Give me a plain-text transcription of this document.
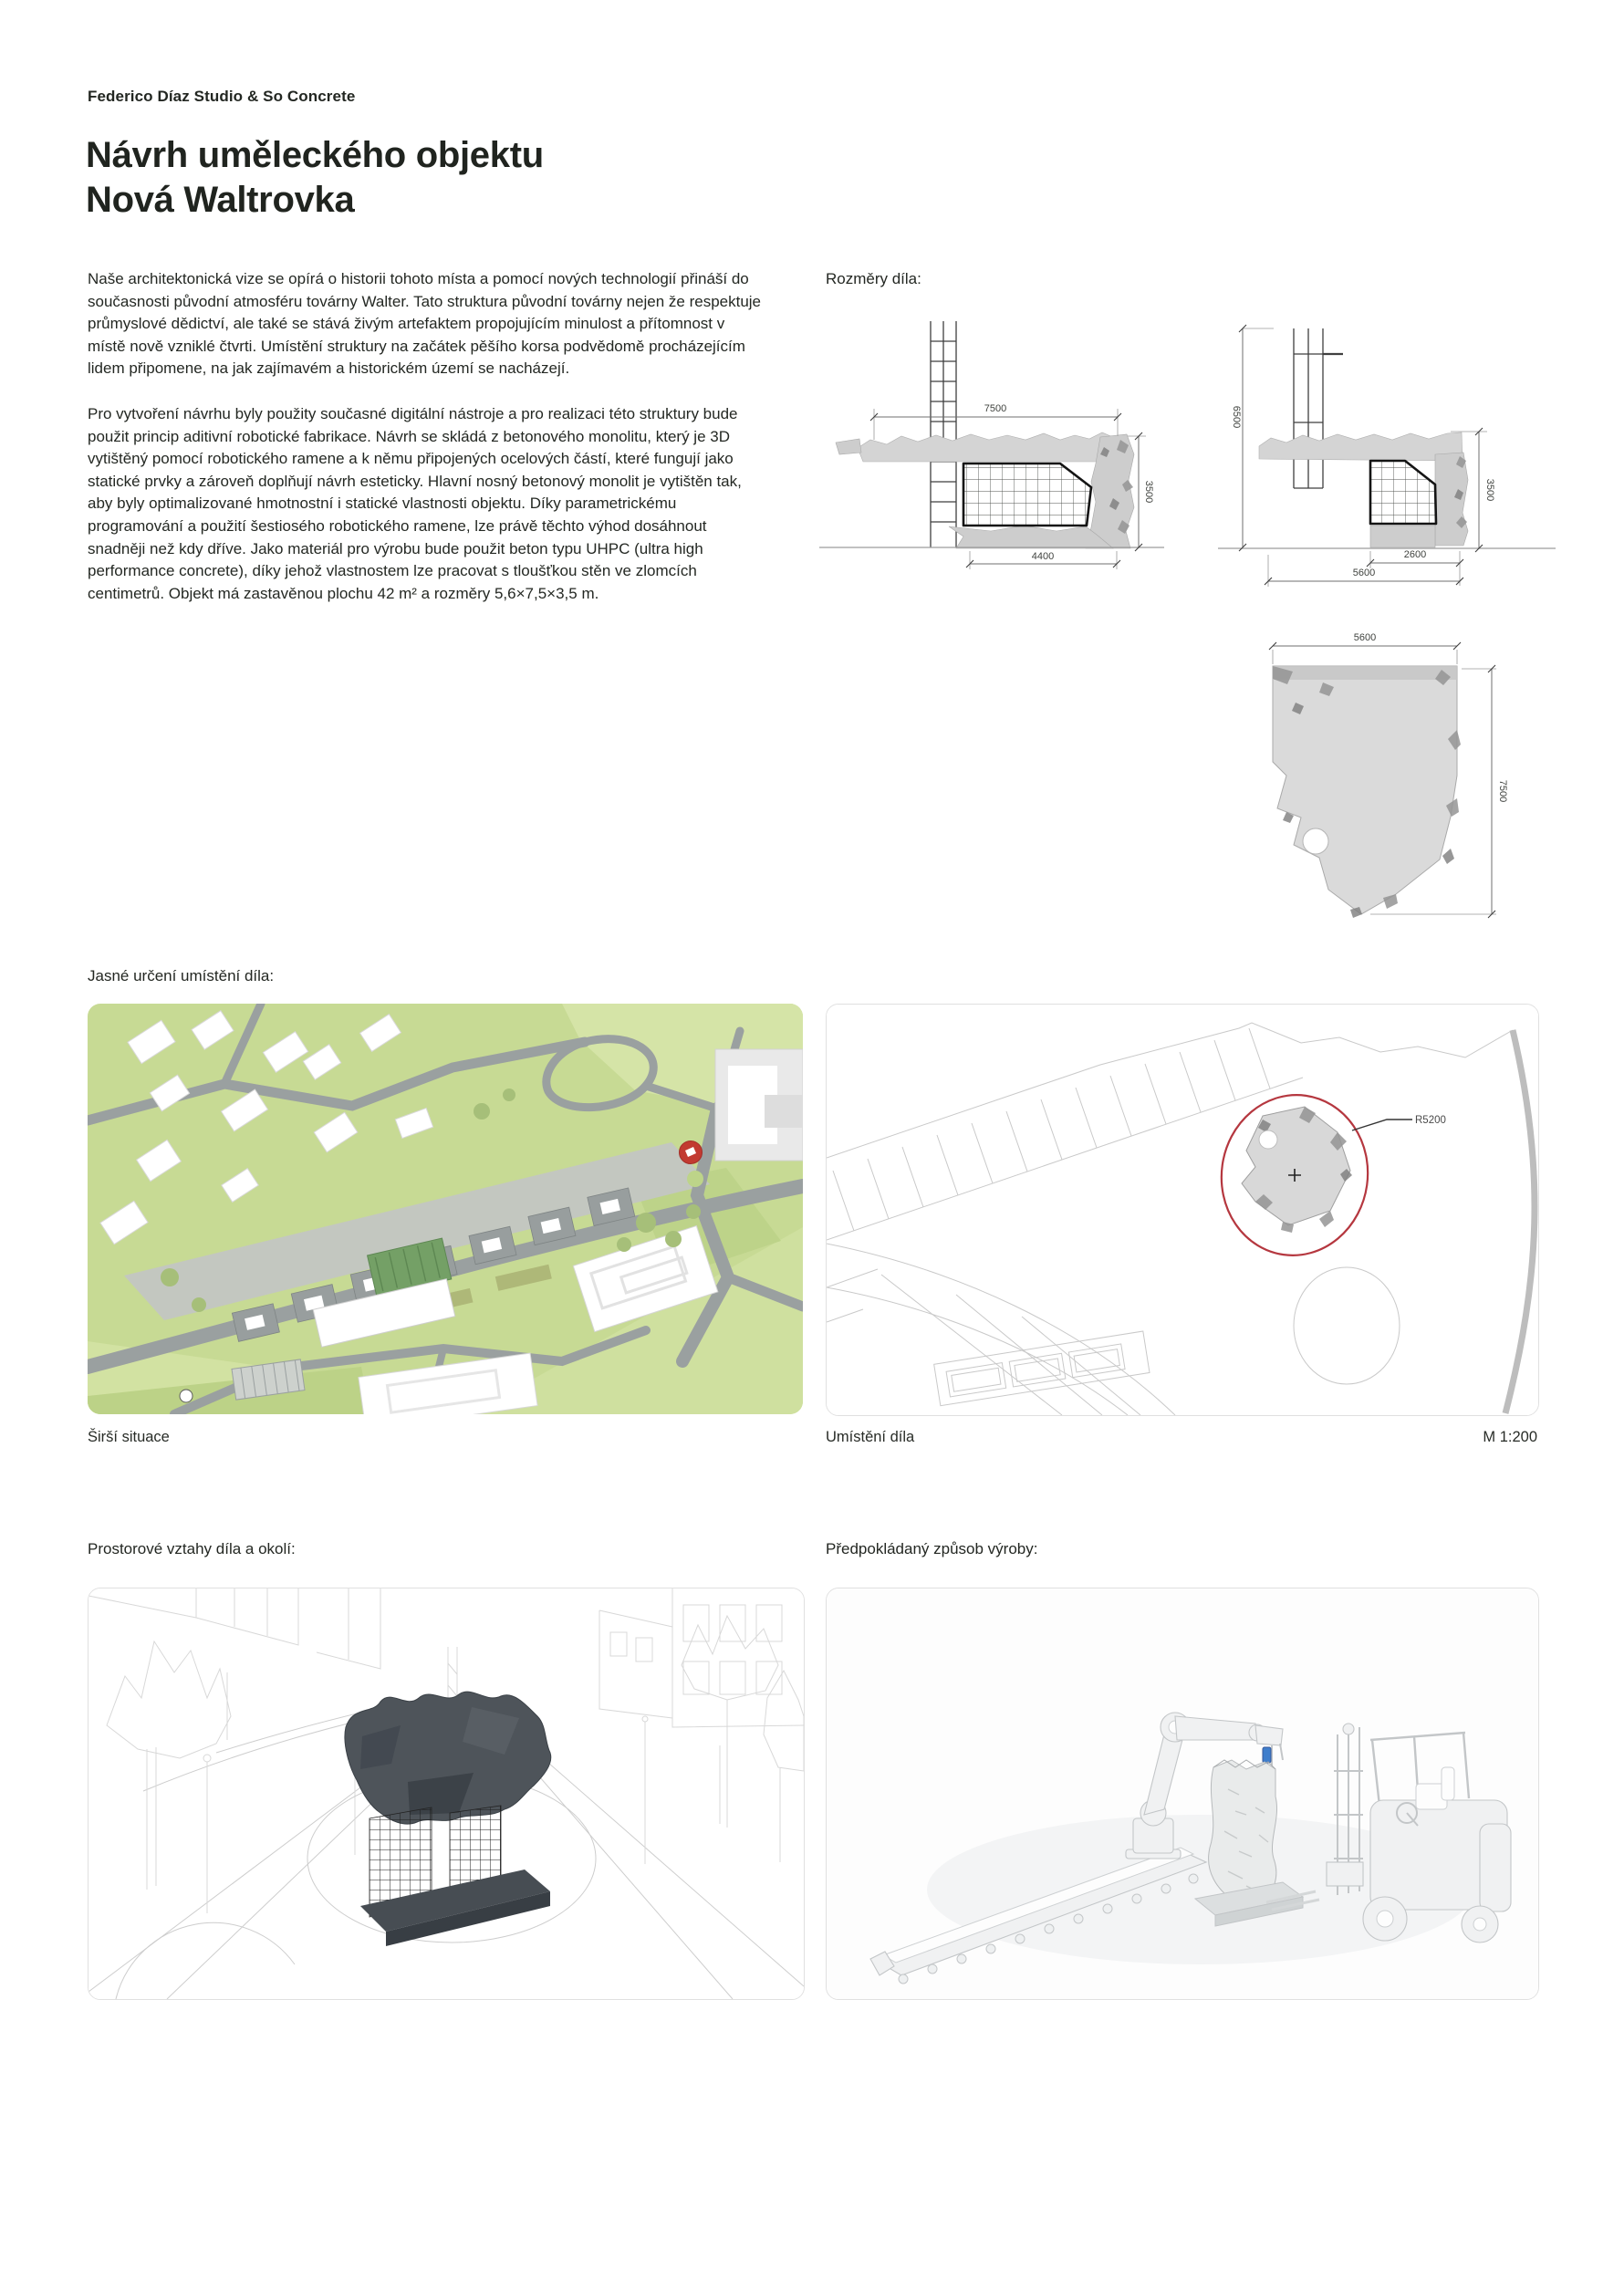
Federico Díaz Studio & So Concrete
Návrh uměleckého objektu
Nová Waltrovka

Naše architektonická vize se opírá o historii tohoto místa a pomocí nových technologií přináší do současnosti původní atmosféru továrny Walter. Tato struktura původní továrny nejen že respektuje průmyslové dědictví, ale také se stává živým artefaktem propojujícím minulost a přítomnost v místě nově vzniklé čtvrti. Umístění struktury na začátek pěšího korsa podvědomě procházejícím lidem připomene, na jak zajímavém a historickém území se nacházejí.

Pro vytvoření návrhu byly použity současné digitální nástroje a pro realizaci této struktury bude použit princip aditivní robotické fabrikace. Návrh se skládá z betonového monolitu, který je 3D vytištěný pomocí robotického ramene a k němu připojených ocelových částí, které fungují jako statické prvky a zároveň doplňují návrh esteticky. Hlavní nosný betonový monolit je vytištěn tak, aby byly optimalizované hmotnostní i statické vlastnosti objektu. Díky parametrickému programování a použití šestiosého robotického ramene, lze právě těchto výhod dosáhnout snadněji než kdy dříve. Jako materiál pro výrobu bude použit beton typu UHPC (ultra high performance concrete), díky jehož vlastnostem lze pracovat s tloušťkou stěn ve zlomcích centimetrů. Objekt má zastavěnou plochu 42 m² a rozměry 5,6×7,5×3,5 m.

Rozměry díla:
7500
4400
3500
6500
3500
2600
5600
5600
7500
Jasné určení umístění díla:
R5200
Širší situace	Umístění díla	M 1:200
Prostorové vztahy díla a okolí:	Předpokládaný způsob výroby:
